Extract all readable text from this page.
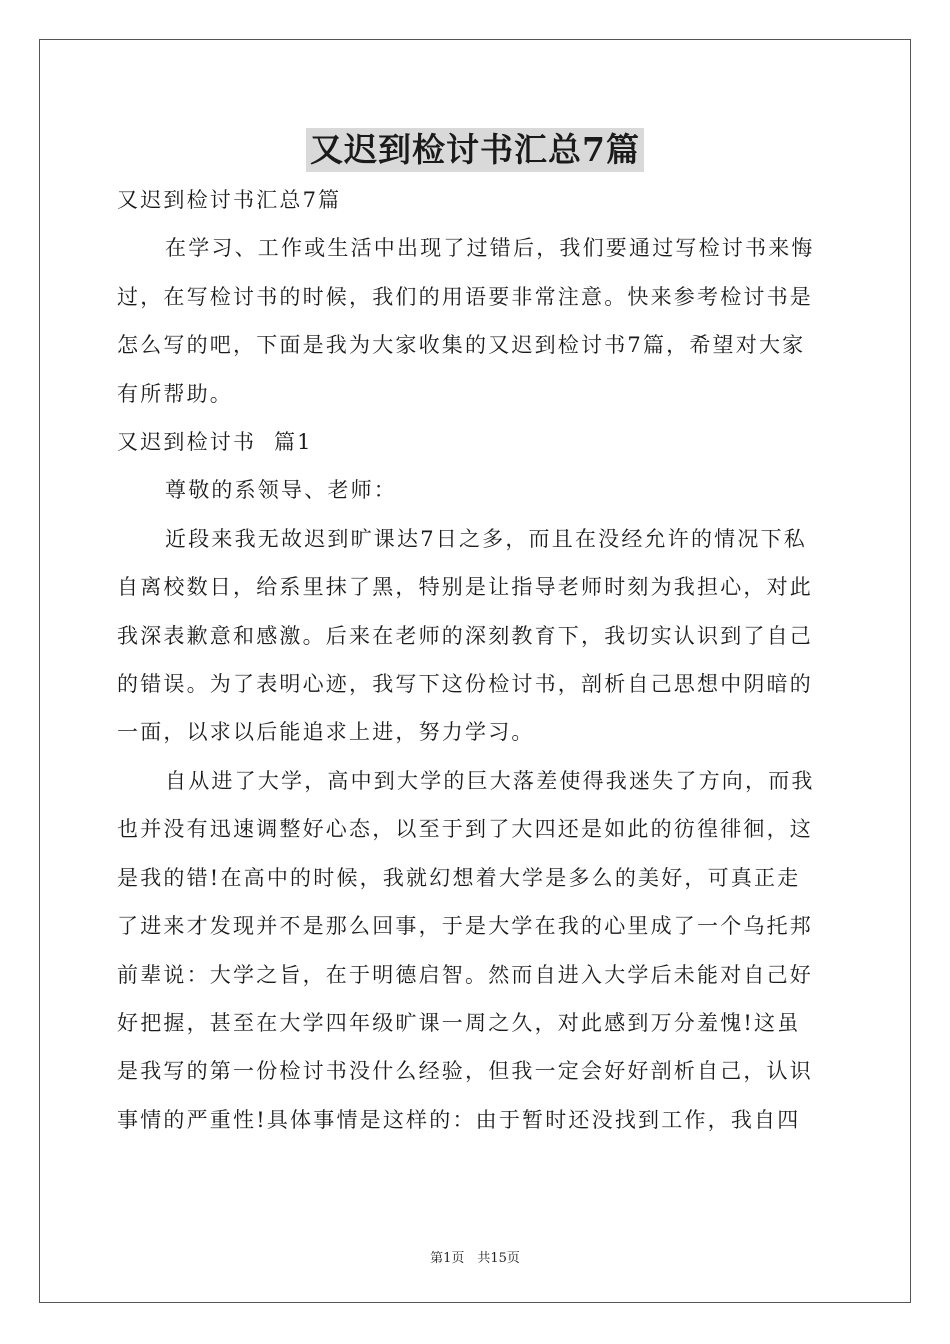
又迟到检讨书汇总7篇
又迟到检讨书汇总7篇
在学习、工作或生活中出现了过错后，我们要通过写检讨书来悔
过，在写检讨书的时候，我们的用语要非常注意。快来参考检讨书是
怎么写的吧，下面是我为大家收集的又迟到检讨书7篇，希望对大家
有所帮助。
又迟到检讨书  篇1
尊敬的系领导、老师：
近段来我无故迟到旷课达7日之多，而且在没经允许的情况下私
自离校数日，给系里抹了黑，特别是让指导老师时刻为我担心，对此
我深表歉意和感激。后来在老师的深刻教育下，我切实认识到了自己
的错误。为了表明心迹，我写下这份检讨书，剖析自己思想中阴暗的
一面，以求以后能追求上进，努力学习。
自从进了大学，高中到大学的巨大落差使得我迷失了方向，而我
也并没有迅速调整好心态，以至于到了大四还是如此的彷徨徘徊，这
是我的错!在高中的时候，我就幻想着大学是多么的美好，可真正走
了进来才发现并不是那么回事，于是大学在我的心里成了一个乌托邦
前辈说：大学之旨，在于明德启智。然而自进入大学后未能对自己好
好把握，甚至在大学四年级旷课一周之久，对此感到万分羞愧!这虽
是我写的第一份检讨书没什么经验，但我一定会好好剖析自己，认识
事情的严重性!具体事情是这样的：由于暂时还没找到工作，我自四
第1页　共15页
